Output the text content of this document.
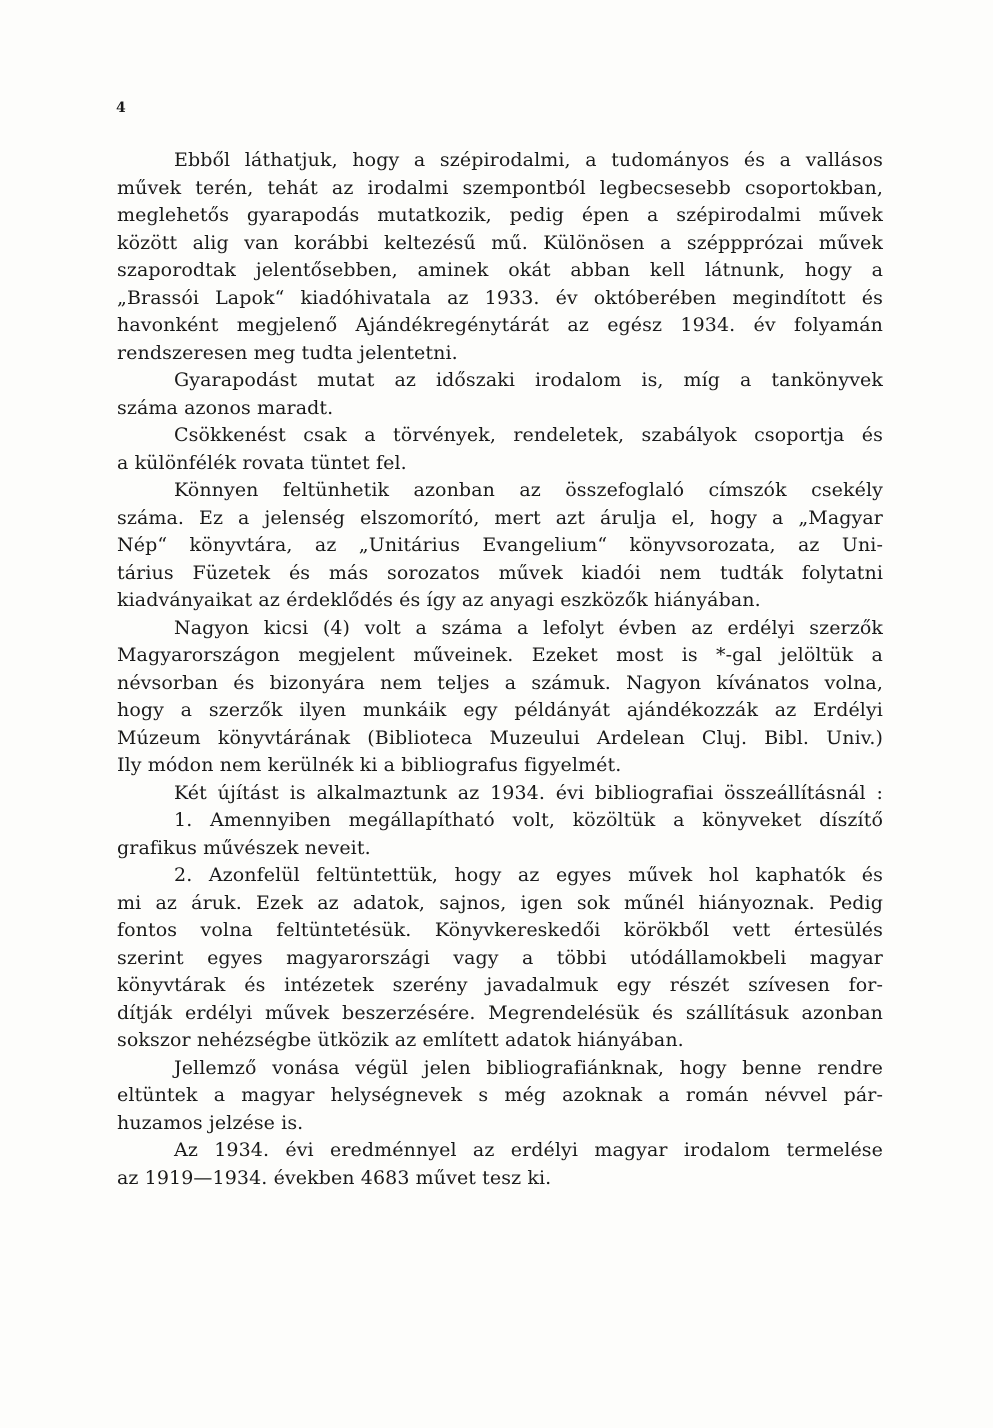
4
Ebből láthatjuk, hogy a szépirodalmi, a tudományos és a vallásos
művek terén, tehát az irodalmi szempontból legbecsesebb csoportokban,
meglehetős gyarapodás mutatkozik, pedig épen a szépirodalmi művek
között alig van korábbi keltezésű mű. Különösen a széppprózai művek
szaporodtak jelentősebben, aminek okát abban kell látnunk, hogy a
„Brassói Lapok“ kiadóhivatala az 1933. év októberében megindított és
havonként megjelenő Ajándékregénytárát az egész 1934. év folyamán
rendszeresen meg tudta jelentetni.
Gyarapodást mutat az időszaki irodalom is, míg a tankönyvek
száma azonos maradt.
Csökkenést csak a törvények, rendeletek, szabályok csoportja és
a különfélék rovata tüntet fel.
Könnyen feltünhetik azonban az összefoglaló címszók csekély
száma. Ez a jelenség elszomorító, mert azt árulja el, hogy a „Magyar
Nép“ könyvtára, az „Unitárius Evangelium“ könyvsorozata, az Uni-
tárius Füzetek és más sorozatos művek kiadói nem tudták folytatni
kiadványaikat az érdeklődés és így az anyagi eszközők hiányában.
Nagyon kicsi (4) volt a száma a lefolyt évben az erdélyi szerzők
Magyarországon megjelent műveinek. Ezeket most is *-gal jelöltük a
névsorban és bizonyára nem teljes a számuk. Nagyon kívánatos volna,
hogy a szerzők ilyen munkáik egy példányát ajándékozzák az Erdélyi
Múzeum könyvtárának (Biblioteca Muzeului Ardelean Cluj. Bibl. Univ.)
Ily módon nem kerülnék ki a bibliografus figyelmét.
Két újítást is alkalmaztunk az 1934. évi bibliografiai összeállításnál :
1. Amennyiben megállapítható volt, közöltük a könyveket díszítő
grafikus művészek neveit.
2. Azonfelül feltüntettük, hogy az egyes művek hol kaphatók és
mi az áruk. Ezek az adatok, sajnos, igen sok műnél hiányoznak. Pedig
fontos volna feltüntetésük. Könyvkereskedői körökből vett értesülés
szerint egyes magyarországi vagy a többi utódállamokbeli magyar
könyvtárak és intézetek szerény javadalmuk egy részét szívesen for-
dítják erdélyi művek beszerzésére. Megrendelésük és szállításuk azonban
sokszor nehézségbe ütközik az említett adatok hiányában.
Jellemző vonása végül jelen bibliografiánknak, hogy benne rendre
eltüntek a magyar helységnevek s még azoknak a román névvel pár-
huzamos jelzése is.
Az 1934. évi eredménnyel az erdélyi magyar irodalom termelése
az 1919—1934. években 4683 művet tesz ki.
